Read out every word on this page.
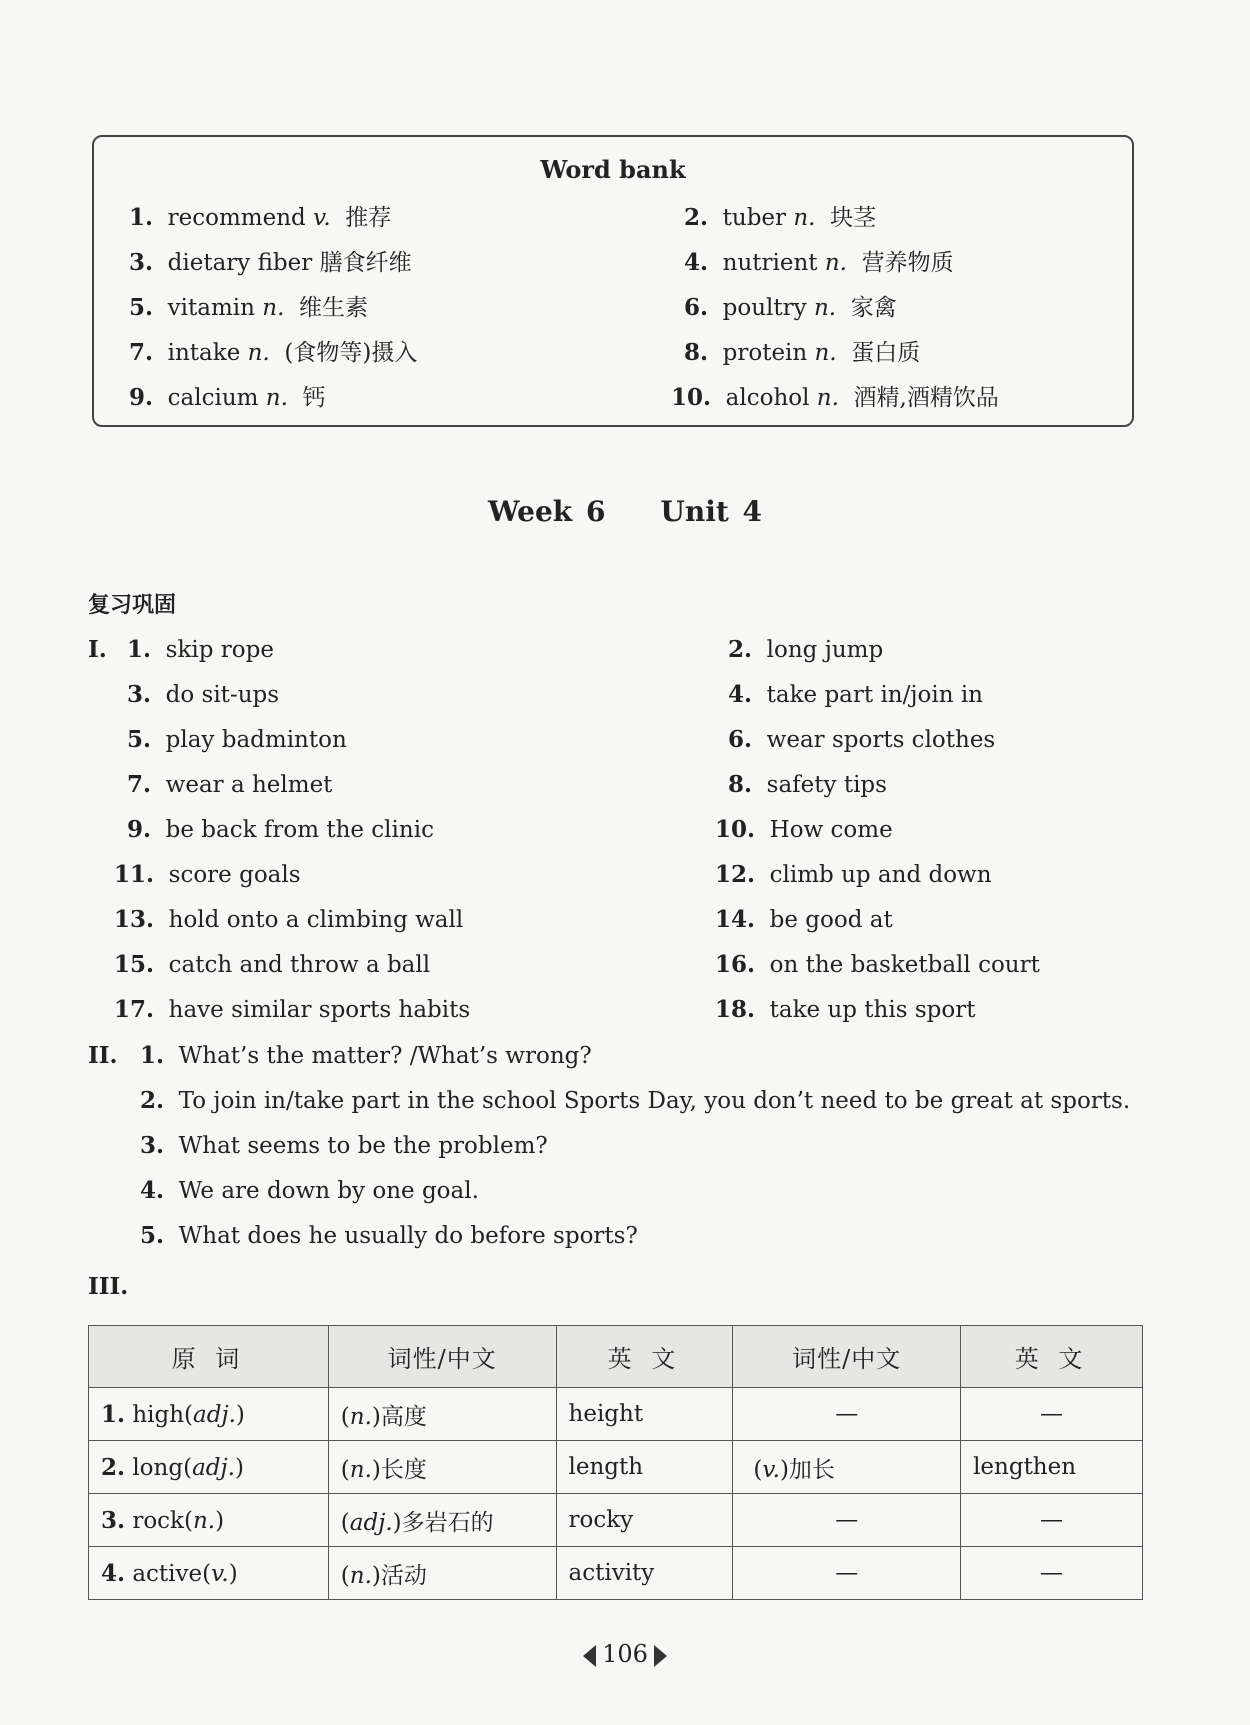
Word bank
1. recommend v. 推荐	2. tuber n. 块茎
3. dietary fiber 膳食纤维	4. nutrient n. 营养物质
5. vitamin n. 维生素	6. poultry n. 家禽
7. intake n. (食物等)摄入	8. protein n. 蛋白质
9. calcium n. 钙	10. alcohol n. 酒精,酒精饮品
Week 6    Unit 4
复习巩固
I. 1. skip rope	2. long jump
3. do sit-ups	4. take part in/join in
5. play badminton	6. wear sports clothes
7. wear a helmet	8. safety tips
9. be back from the clinic	10. How come
11. score goals	12. climb up and down
13. hold onto a climbing wall	14. be good at
15. catch and throw a ball	16. on the basketball court
17. have similar sports habits	18. take up this sport
II. 1. What’s the matter? /What’s wrong?
2. To join in/take part in the school Sports Day, you don’t need to be great at sports.
3. What seems to be the problem?
4. We are down by one goal.
5. What does he usually do before sports?
III.
原 词	词性/中文	英 文	词性/中文	英 文
1. high(adj.)	(n.)高度	height	—	—
2. long(adj.)	(n.)长度	length	(v.)加长	lengthen
3. rock(n.)	(adj.)多岩石的	rocky	—	—
4. active(v.)	(n.)活动	activity	—	—
106
